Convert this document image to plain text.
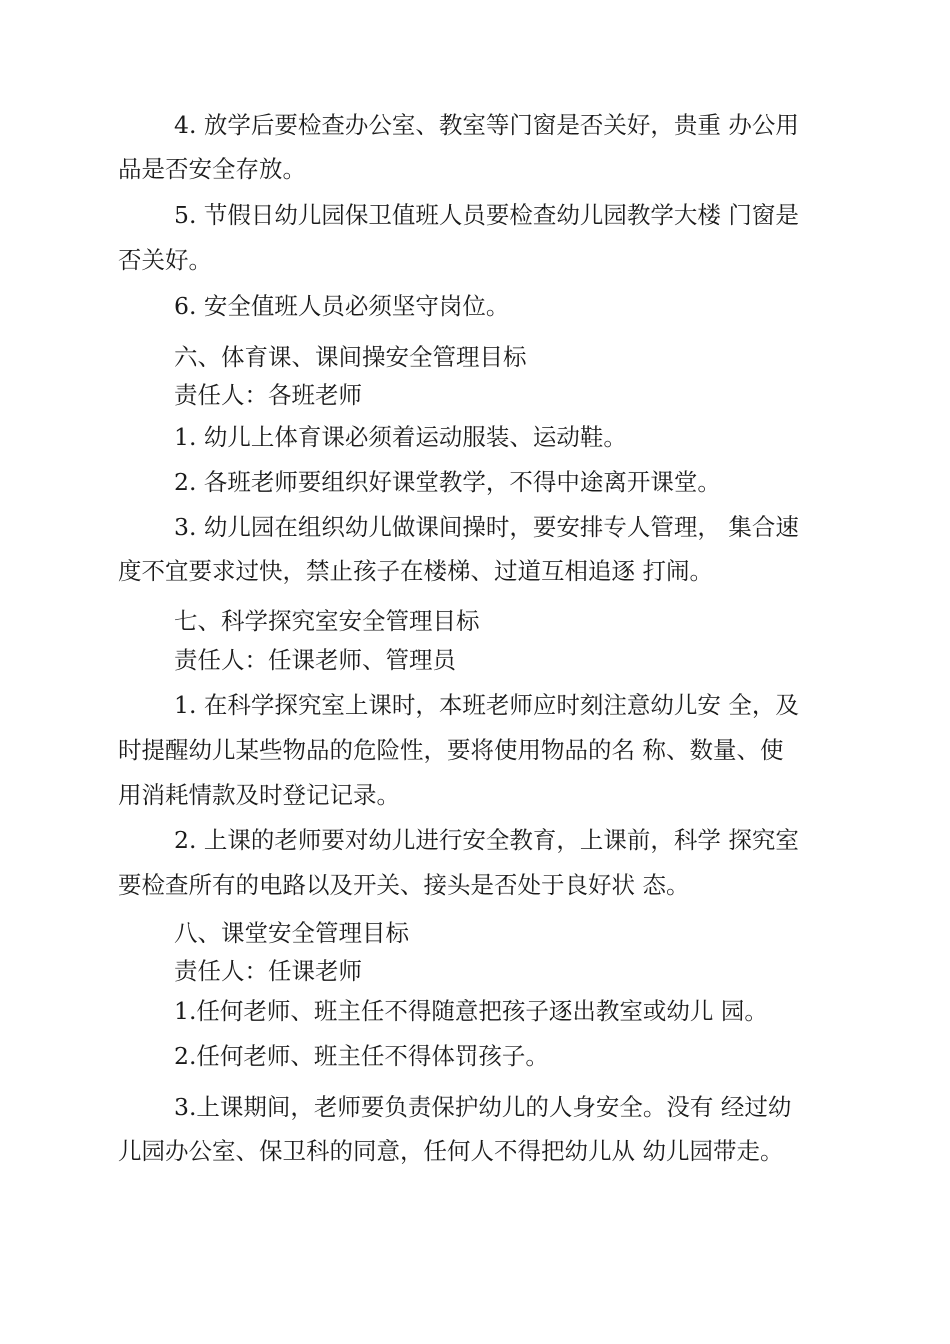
4. 放学后要检查办公室、教室等门窗是否关好，贵重 办公用
品是否安全存放。
5. 节假日幼儿园保卫值班人员要检查幼儿园教学大楼 门窗是
否关好。
6. 安全值班人员必须坚守岗位。
六、体育课、课间操安全管理目标
责任人：各班老师
1. 幼儿上体育课必须着运动服装、运动鞋。
2. 各班老师要组织好课堂教学，不得中途离开课堂。
3. 幼儿园在组织幼儿做课间操时，要安排专人管理， 集合速
度不宜要求过快，禁止孩子在楼梯、过道互相追逐 打闹。
七、科学探究室安全管理目标
责任人：任课老师、管理员
1. 在科学探究室上课时，本班老师应时刻注意幼儿安 全，及
时提醒幼儿某些物品的危险性，要将使用物品的名 称、数量、使
用消耗情款及时登记记录。
2. 上课的老师要对幼儿进行安全教育，上课前，科学 探究室
要检查所有的电路以及开关、接头是否处于良好状 态。
八、课堂安全管理目标
责任人：任课老师
1.任何老师、班主任不得随意把孩子逐出教室或幼儿 园。
2.任何老师、班主任不得体罚孩子。
3.上课期间，老师要负责保护幼儿的人身安全。没有 经过幼
儿园办公室、保卫科的同意，任何人不得把幼儿从 幼儿园带走。
